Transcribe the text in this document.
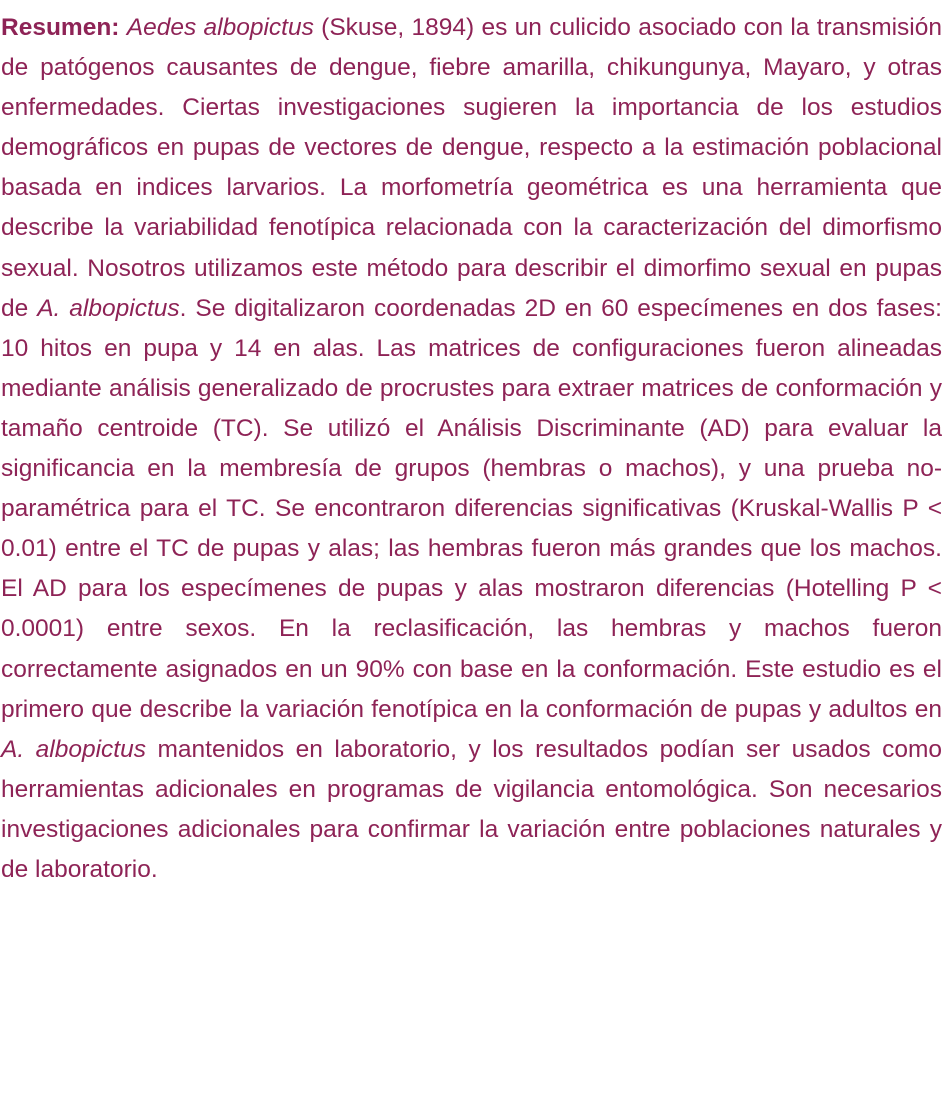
Resumen: Aedes albopictus (Skuse, 1894) es un culicido asociado con la transmisión de patógenos causantes de dengue, fiebre amarilla, chikungunya, Mayaro, y otras enfermedades. Ciertas investigaciones sugieren la importancia de los estudios demográficos en pupas de vectores de dengue, respecto a la estimación poblacional basada en indices larvarios. La morfometría geométrica es una herramienta que describe la variabilidad fenotípica relacionada con la caracterización del dimorfismo sexual. Nosotros utilizamos este método para describir el dimorfimo sexual en pupas de A. albopictus. Se digitalizaron coordenadas 2D en 60 especímenes en dos fases: 10 hitos en pupa y 14 en alas. Las matrices de configuraciones fueron alineadas mediante análisis generalizado de procrustes para extraer matrices de conformación y tamaño centroide (TC). Se utilizó el Análisis Discriminante (AD) para evaluar la significancia en la membresía de grupos (hembras o machos), y una prueba no-paramétrica para el TC. Se encontraron diferencias significativas (Kruskal-Wallis P < 0.01) entre el TC de pupas y alas; las hembras fueron más grandes que los machos. El AD para los especímenes de pupas y alas mostraron diferencias (Hotelling P < 0.0001) entre sexos. En la reclasificación, las hembras y machos fueron correctamente asignados en un 90% con base en la conformación. Este estudio es el primero que describe la variación fenotípica en la conformación de pupas y adultos en A. albopictus mantenidos en laboratorio, y los resultados podían ser usados como herramientas adicionales en programas de vigilancia entomológica. Son necesarios investigaciones adicionales para confirmar la variación entre poblaciones naturales y de laboratorio.
